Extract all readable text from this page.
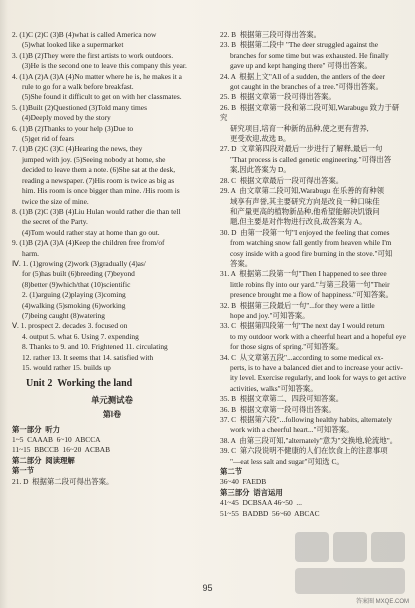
2. (1)C (2)C (3)B (4)what is called America now

(5)what looked like a supermarket

3. (1)B (2)They were the first artists to work outdoors.

(3)He is the second one to leave this company this year.

4. (1)A (2)A (3)A (4)No matter where he is, he makes it a

rule to go for a walk before breakfast.

(5)She found it difficult to get on with her classmates.

5. (1)Built (2)Questioned (3)Told many times

(4)Deeply moved by the story

6. (1)B (2)Thanks to your help (3)Due to

(5)get rid of fears

7. (1)B (2)C (3)C (4)Hearing the news, they

jumped with joy. (5)Seeing nobody at home, she

decided to leave them a note. (6)She sat at the desk,

reading a newspaper. (7)His room is twice as big as

him. His room is once bigger than mine. /His room is

twice the size of mine.

8. (1)B (2)C (3)B (4)Liu Hulan would rather die than tell

the secret of the Party.

(4)Tom would rather stay at home than go out.

9. (1)B (2)A (3)A (4)Keep the children free from/of

harm.

Ⅳ. 1. (1)growing (2)work (3)gradually (4)as/

for (5)has built (6)breeding (7)beyond

(8)better (9)which/that (10)scientific

2. (1)arguing (2)playing (3)coming

(4)walking (5)smoking (6)working

(7)being caught (8)watering

Ⅴ. 1. prospect 2. decades 3. focused on

4. output 5. what 6. Using 7. expending

8. Thanks to 9. and 10. Frightened 11. circulating

12. rather 13. It seems that 14. satisfied with

15. would rather 15. builds up

Unit 2  Working the land

单元测试卷

第Ⅰ卷

第一部分  听力

1~5  CAAAB  6~10  ABCCA

11~15  BBCCB  16~20  ACBAB

第二部分  阅读理解

第一节

21. D  根据第二段可得出答案。

22. B  根据第三段可得出答案。

23. B  根据第二段中 "The deer struggled against the

branches for some time but was exhausted. He finally

gave up and kept hanging there" 可得出答案。

24. A  根据上文"All of a sudden, the antlers of the deer

got caught in the branches of a tree."可得出答案。

25. B  根据文章第一段可得出答案。

26. B  根据文章第一段和第二段可知,Warabugu 致力于研究

研究项目,培育一种新的品种,使之更有营养,

更受欢迎,故选 B。

27. D  文章第四段对最后一步进行了解释,最后一句

"That process is called genetic engineering."可得出答

案,因此答案为 D。

28. C  根据文章最后一段可得出答案。

29. A  由文章第二段可知,Warabugu 在乐善的育种领

域享有声誉,其主要研究方向是改良一种口味佳

和产量更高的植物新品种,他希望能解决饥饿问

题,但主要是对作物进行改良,故答案为 A。

30. D  由第一段第一句"I enjoyed the feeling that comes

from watching snow fall gently from heaven while I'm

cosy inside with a good fire burning in the stove."可知

答案。

31. A  根据第二段第一句"Then I happened to see three

little robins fly into our yard."与第三段第一句"Their

presence brought me a flow of happiness."可知答案。

32. B  根据第三段最后一句"...for they were a little

hope and joy."可知答案。

33. C  根据第四段第一句"The next day I would return

to my outdoor work with a cheerful heart and a hopeful eye

for those signs of spring."可知答案。

34. C  从文章第五段"...according to some medical ex-

perts, is to have a balanced diet and to increase your activ-

ity level. Exercise regularly, and look for ways to get active

activities, walks"可知答案。

35. B  根据文章第二、四段可知答案。

36. B  根据文章第一段可得出答案。

37. C  根据第六段"...following healthy habits, alternately

work with a cheerful heart..."可知答案。

38. A  由第三段可知,"alternately"意为"交换地,轮流地"。

39. C  第六段说明不健康的人们在饮食上的注意事项

"—eat less salt and sugar"可知选 C。

第二节

36~40  FAEDB

第三部分  语言运用

41~45  DCBSAA 46~50  ...

51~55  BADBD  56~60  ABCAC

95
答案圈 MXQE.COM
